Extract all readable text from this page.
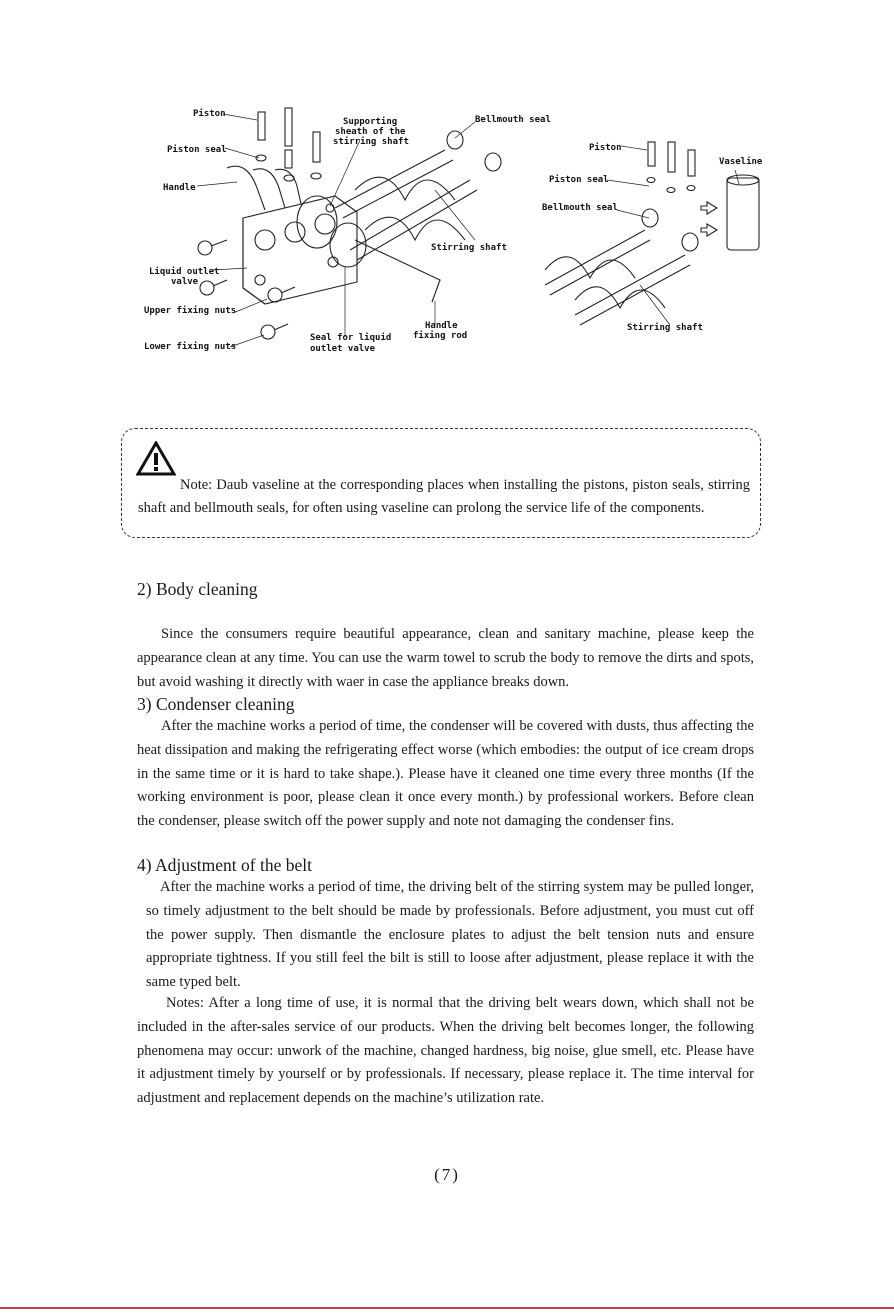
Piston
Piston seal
Handle
Supporting
sheath of the
stirring shaft
Bellmouth seal
Stirring shaft
Liquid outlet
valve
Upper fixing nuts
Lower fixing nuts
Seal for liquid
outlet valve
Handle
fixing rod
Piston
Vaseline
Piston seal
Bellmouth seal
Stirring shaft

Note: Daub vaseline at the corresponding places when installing the pistons, piston seals, stirring shaft and bellmouth seals, for often using vaseline can prolong the service life of the components.

2) Body cleaning

Since the consumers require beautiful appearance, clean and sanitary machine, please keep the appearance clean at any time. You can use the warm towel to scrub the body to remove the dirts and spots, but avoid washing it directly with waer in case the appliance breaks down.

3) Condenser cleaning

After the machine works a period of time, the condenser will be covered with dusts, thus affecting the heat dissipation and making the refrigerating effect worse (which embodies: the output of ice cream drops in the same time or it is hard to take shape.). Please have it cleaned one time every three months (If the working environment is poor, please clean it once every month.) by professional workers. Before clean the condenser, please switch off the power supply and note not damaging the condenser fins.

4) Adjustment of the belt

After the machine works a period of time, the driving belt of the stirring system may be pulled longer, so timely adjustment to the belt should be made by professionals. Before adjustment, you must cut off the power supply. Then dismantle the enclosure plates to adjust the belt tension nuts and ensure appropriate tightness. If you still feel the bilt is still to loose after adjustment, please replace it with the same typed belt.

Notes: After a long time of use, it is normal that the driving belt wears down, which shall not be included in the after-sales service of our products. When the driving belt becomes longer, the following phenomena may occur: unwork of the machine, changed hardness, big noise, glue smell, etc. Please have it adjustment timely by yourself or by professionals. If necessary, please replace it. The time interval for adjustment and replacement depends on the machine’s utilization rate.

(7)
